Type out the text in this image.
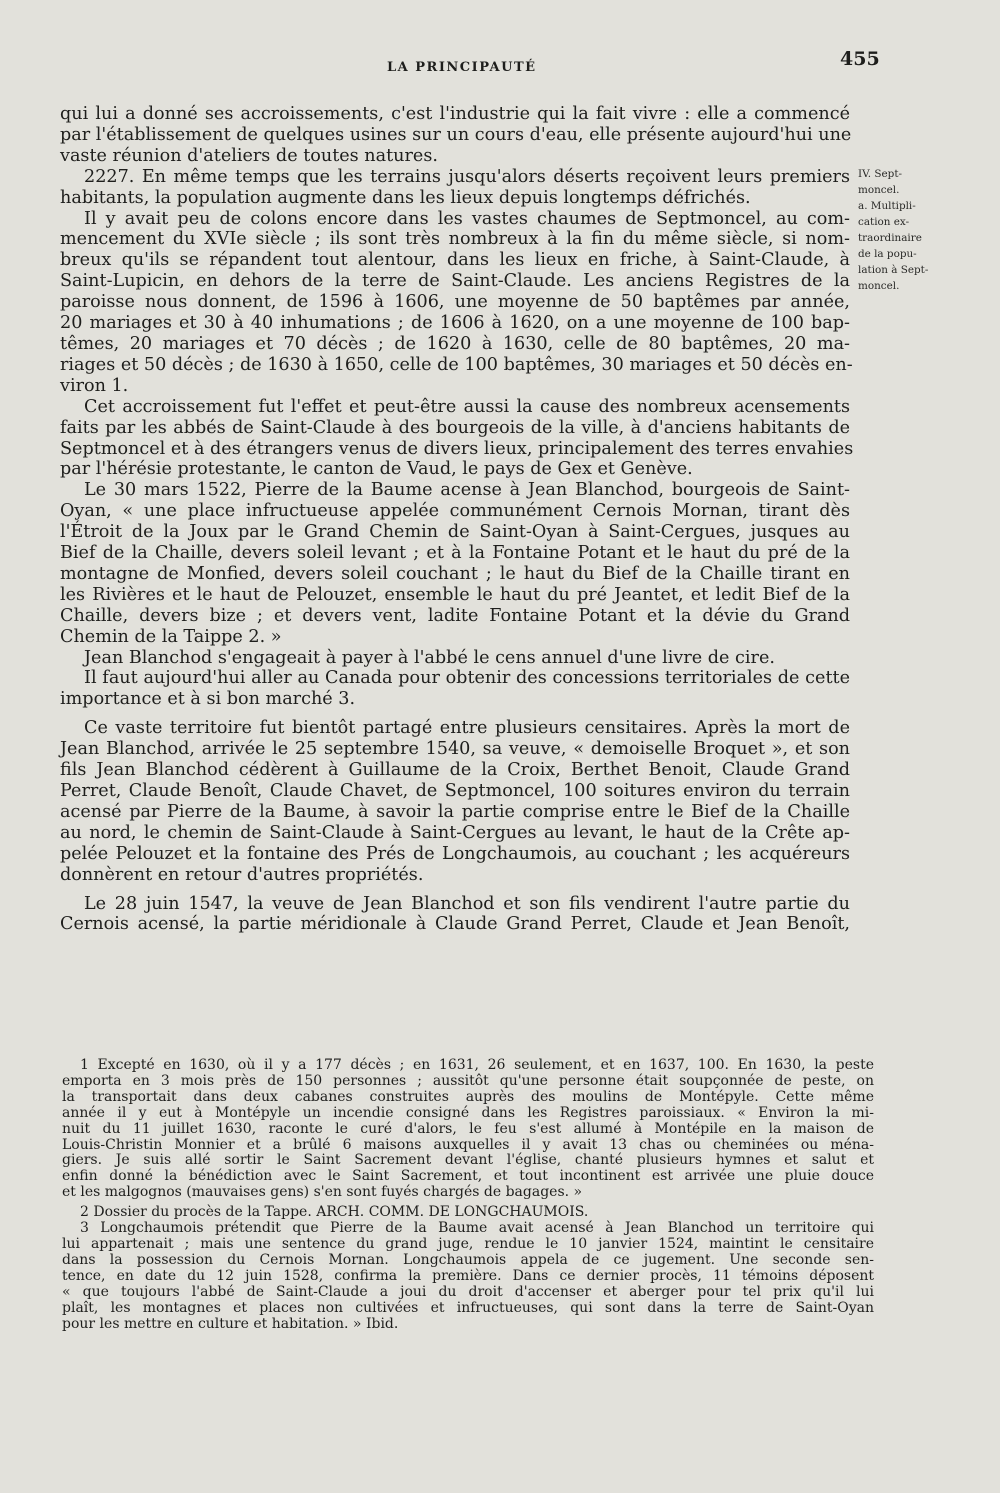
LA PRINCIPAUTÉ	455
qui lui a donné ses accroissements, c'est l'industrie qui la fait vivre : elle a commencé
par l'établissement de quelques usines sur un cours d'eau, elle présente aujourd'hui une
vaste réunion d'ateliers de toutes natures.
2227. En même temps que les terrains jusqu'alors déserts reçoivent leurs premiers
habitants, la population augmente dans les lieux depuis longtemps défrichés.
Il y avait peu de colons encore dans les vastes chaumes de Septmoncel, au com-
mencement du XVIe siècle ; ils sont très nombreux à la fin du même siècle, si nom-
breux qu'ils se répandent tout alentour, dans les lieux en friche, à Saint-Claude, à
Saint-Lupicin, en dehors de la terre de Saint-Claude. Les anciens Registres de la
paroisse nous donnent, de 1596 à 1606, une moyenne de 50 baptêmes par année,
20 mariages et 30 à 40 inhumations ; de 1606 à 1620, on a une moyenne de 100 bap-
têmes, 20 mariages et 70 décès ; de 1620 à 1630, celle de 80 baptêmes, 20 ma-
riages et 50 décès ; de 1630 à 1650, celle de 100 baptêmes, 30 mariages et 50 décès en-
viron 1.
Cet accroissement fut l'effet et peut-être aussi la cause des nombreux acensements
faits par les abbés de Saint-Claude à des bourgeois de la ville, à d'anciens habitants de
Septmoncel et à des étrangers venus de divers lieux, principalement des terres envahies
par l'hérésie protestante, le canton de Vaud, le pays de Gex et Genève.
Le 30 mars 1522, Pierre de la Baume acense à Jean Blanchod, bourgeois de Saint-
Oyan, « une place infructueuse appelée communément Cernois Mornan, tirant dès
l'Étroit de la Joux par le Grand Chemin de Saint-Oyan à Saint-Cergues, jusques au
Bief de la Chaille, devers soleil levant ; et à la Fontaine Potant et le haut du pré de la
montagne de Monfied, devers soleil couchant ; le haut du Bief de la Chaille tirant en
les Rivières et le haut de Pelouzet, ensemble le haut du pré Jeantet, et ledit Bief de la
Chaille, devers bize ; et devers vent, ladite Fontaine Potant et la dévie du Grand
Chemin de la Taippe 2. »
Jean Blanchod s'engageait à payer à l'abbé le cens annuel d'une livre de cire.
Il faut aujourd'hui aller au Canada pour obtenir des concessions territoriales de cette
importance et à si bon marché 3.
Ce vaste territoire fut bientôt partagé entre plusieurs censitaires. Après la mort de
Jean Blanchod, arrivée le 25 septembre 1540, sa veuve, « demoiselle Broquet », et son
fils Jean Blanchod cédèrent à Guillaume de la Croix, Berthet Benoit, Claude Grand
Perret, Claude Benoît, Claude Chavet, de Septmoncel, 100 soitures environ du terrain
acensé par Pierre de la Baume, à savoir la partie comprise entre le Bief de la Chaille
au nord, le chemin de Saint-Claude à Saint-Cergues au levant, le haut de la Crête ap-
pelée Pelouzet et la fontaine des Prés de Longchaumois, au couchant ; les acquéreurs
donnèrent en retour d'autres propriétés.
Le 28 juin 1547, la veuve de Jean Blanchod et son fils vendirent l'autre partie du
Cernois acensé, la partie méridionale à Claude Grand Perret, Claude et Jean Benoît,
IV. Sept-
moncel.
a. Multipli-
cation ex-
traordinaire
de la popu-
lation à Sept-
moncel.
1 Excepté en 1630, où il y a 177 décès ; en 1631, 26 seulement, et en 1637, 100. En 1630, la peste
emporta en 3 mois près de 150 personnes ; aussitôt qu'une personne était soupçonnée de peste, on
la transportait dans deux cabanes construites auprès des moulins de Montépyle. Cette même
année il y eut à Montépyle un incendie consigné dans les Registres paroissiaux. « Environ la mi-
nuit du 11 juillet 1630, raconte le curé d'alors, le feu s'est allumé à Montépile en la maison de
Louis-Christin Monnier et a brûlé 6 maisons auxquelles il y avait 13 chas ou cheminées ou ména-
giers. Je suis allé sortir le Saint Sacrement devant l'église, chanté plusieurs hymnes et salut et
enfin donné la bénédiction avec le Saint Sacrement, et tout incontinent est arrivée une pluie douce
et les malgognos (mauvaises gens) s'en sont fuyés chargés de bagages. »
2 Dossier du procès de la Tappe. ARCH. COMM. DE LONGCHAUMOIS.
3 Longchaumois prétendit que Pierre de la Baume avait acensé à Jean Blanchod un territoire qui
lui appartenait ; mais une sentence du grand juge, rendue le 10 janvier 1524, maintint le censitaire
dans la possession du Cernois Mornan. Longchaumois appela de ce jugement. Une seconde sen-
tence, en date du 12 juin 1528, confirma la première. Dans ce dernier procès, 11 témoins déposent
« que toujours l'abbé de Saint-Claude a joui du droit d'accenser et aberger pour tel prix qu'il lui
plaît, les montagnes et places non cultivées et infructueuses, qui sont dans la terre de Saint-Oyan
pour les mettre en culture et habitation. » Ibid.
